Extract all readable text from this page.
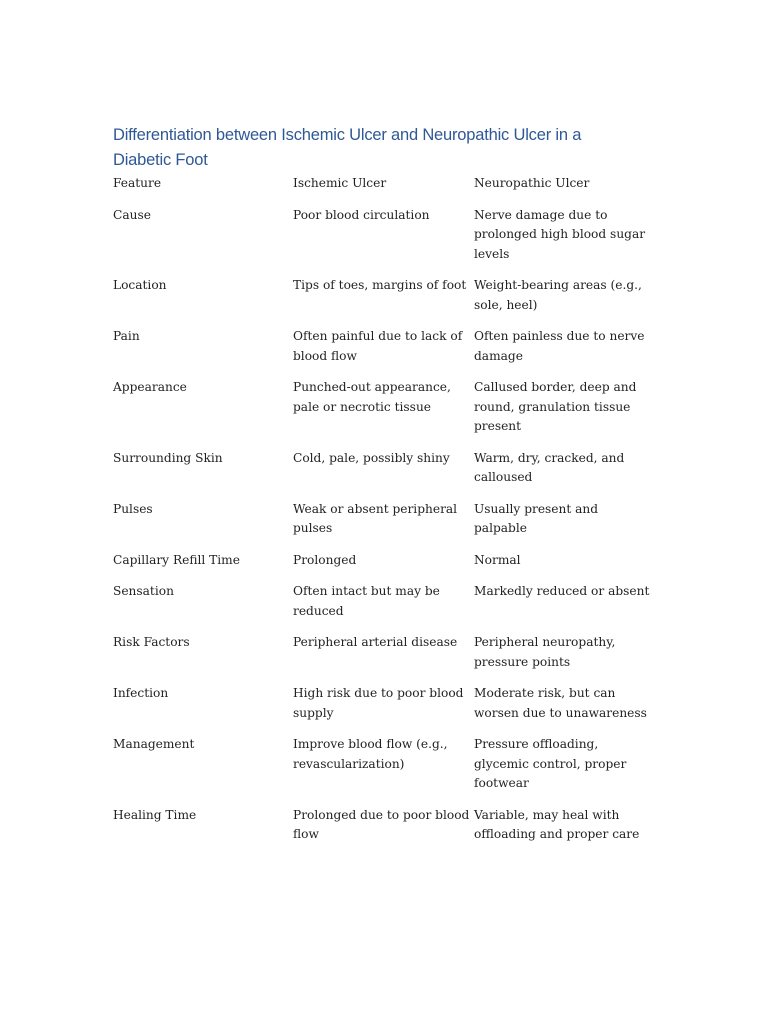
Differentiation between Ischemic Ulcer and Neuropathic Ulcer in a Diabetic Foot
Feature	Ischemic Ulcer	Neuropathic Ulcer

Cause	Poor blood circulation	Nerve damage due to prolonged high blood sugar levels

Location	Tips of toes, margins of foot	Weight-bearing areas (e.g., sole, heel)

Pain	Often painful due to lack of blood flow	Often painless due to nerve damage

Appearance	Punched-out appearance, pale or necrotic tissue	Callused border, deep and round, granulation tissue present

Surrounding Skin	Cold, pale, possibly shiny	Warm, dry, cracked, and calloused

Pulses	Weak or absent peripheral pulses	Usually present and palpable

Capillary Refill Time	Prolonged	Normal

Sensation	Often intact but may be reduced	Markedly reduced or absent

Risk Factors	Peripheral arterial disease	Peripheral neuropathy, pressure points

Infection	High risk due to poor blood supply	Moderate risk, but can worsen due to unawareness

Management	Improve blood flow (e.g., revascularization)	Pressure offloading, glycemic control, proper footwear

Healing Time	Prolonged due to poor blood flow	Variable, may heal with offloading and proper care
